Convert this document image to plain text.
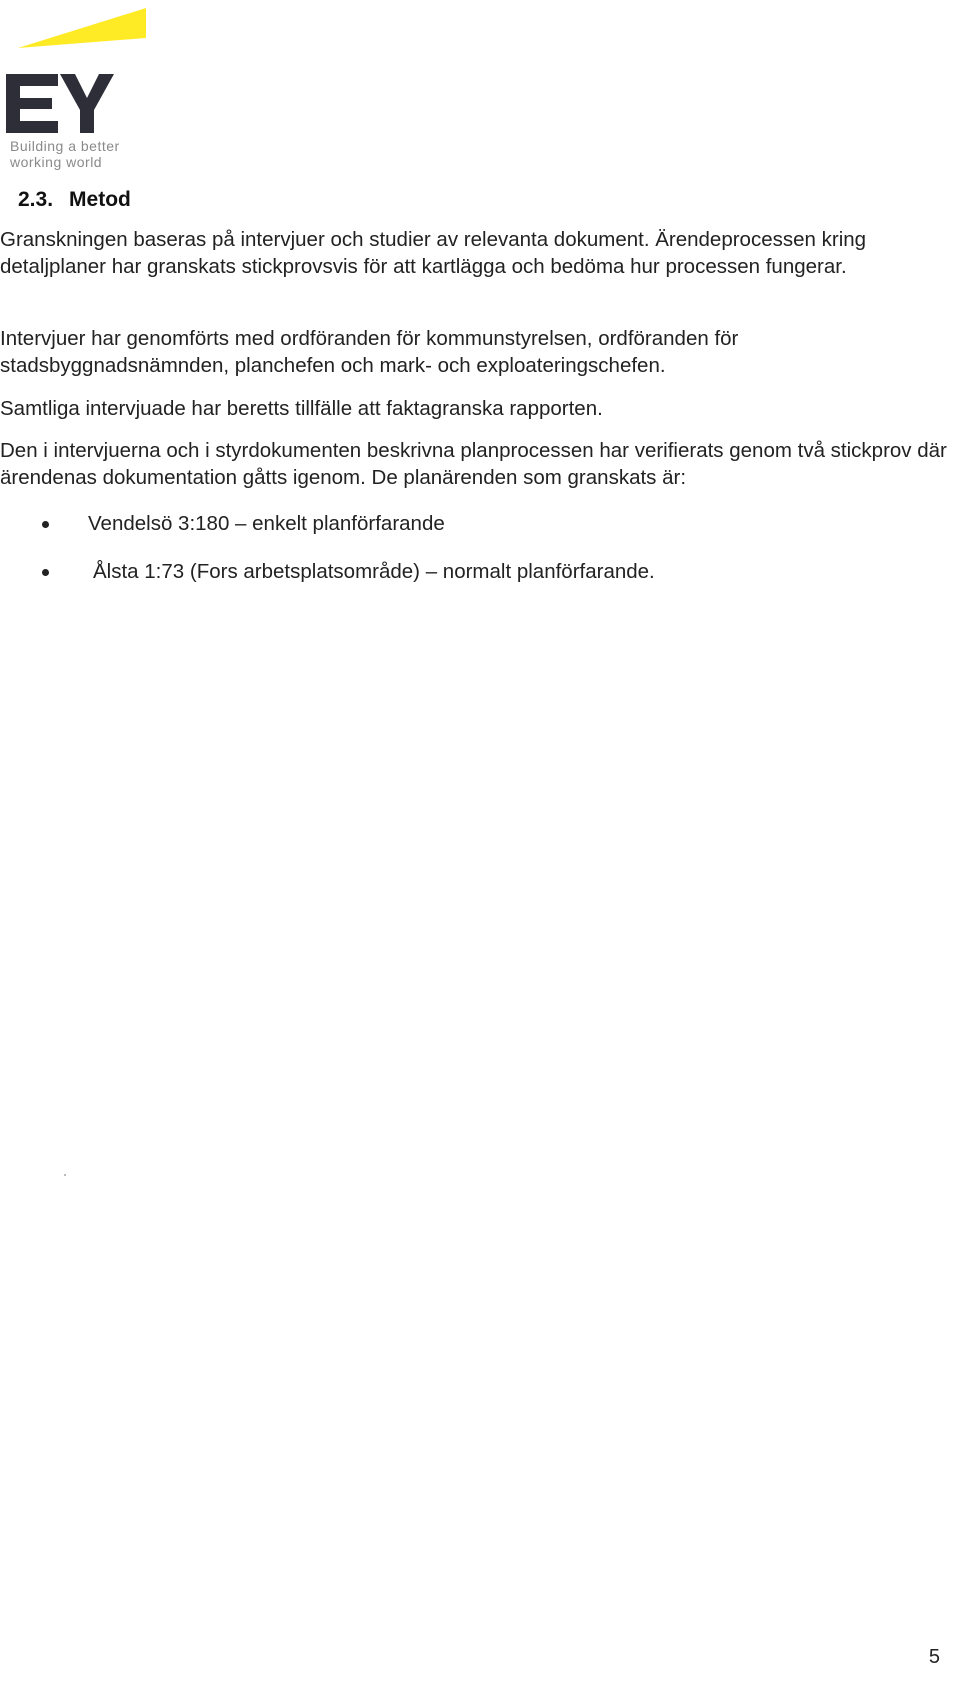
Building a better
working world
2.3. Metod

Granskningen baseras på intervjuer och studier av relevanta dokument. Ärendeprocessen kring detaljplaner har granskats stickprovsvis för att kartlägga och bedöma hur processen fungerar.

Intervjuer har genomförts med ordföranden för kommunstyrelsen, ordföranden för stadsbyggnadsnämnden, planchefen och mark- och exploateringschefen.

Samtliga intervjuade har beretts tillfälle att faktagranska rapporten.

Den i intervjuerna och i styrdokumenten beskrivna planprocessen har verifierats genom två stickprov där ärendenas dokumentation gåtts igenom. De planärenden som granskats är:

Vendelsö 3:180 – enkelt planförfarande
Ålsta 1:73 (Fors arbetsplatsområde) – normalt planförfarande.
5
